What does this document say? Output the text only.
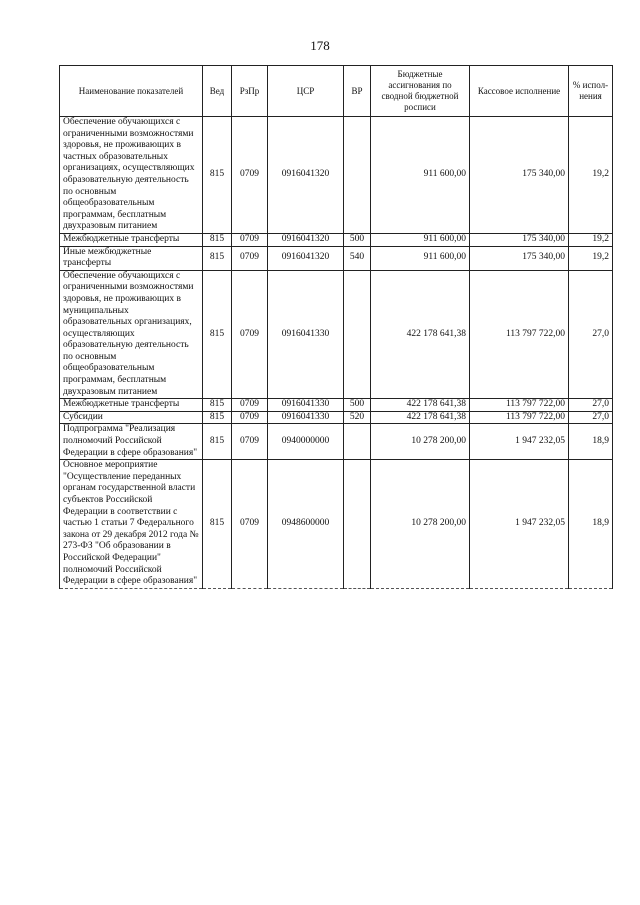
178
Наименование показателей	Вед	РзПр	ЦСР	ВР	Бюджетные ассигнования по сводной бюджетной росписи	Кассовое исполнение	% испол-нения
Обеспечение обучающихся с ограниченными возможностями здоровья, не проживающих в частных образовательных организациях, осуществляющих образовательную деятельность по основным общеобразовательным программам, бесплатным двухразовым питанием	815	0709	0916041320		911 600,00	175 340,00	19,2
Межбюджетные трансферты	815	0709	0916041320	500	911 600,00	175 340,00	19,2
Иные межбюджетные трансферты	815	0709	0916041320	540	911 600,00	175 340,00	19,2
Обеспечение обучающихся с ограниченными возможностями здоровья, не проживающих в муниципальных образовательных организациях, осуществляющих образовательную деятельность по основным общеобразовательным программам, бесплатным двухразовым питанием	815	0709	0916041330		422 178 641,38	113 797 722,00	27,0
Межбюджетные трансферты	815	0709	0916041330	500	422 178 641,38	113 797 722,00	27,0
Субсидии	815	0709	0916041330	520	422 178 641,38	113 797 722,00	27,0
Подпрограмма "Реализация полномочий Российской Федерации в сфере образования"	815	0709	0940000000		10 278 200,00	1 947 232,05	18,9
Основное мероприятие "Осуществление переданных органам государственной власти субъектов Российской Федерации в соответствии с частью 1 статьи 7 Федерального закона от 29 декабря 2012 года № 273-ФЗ "Об образовании в Российской Федерации" полномочий Российской Федерации в сфере образования"	815	0709	0948600000		10 278 200,00	1 947 232,05	18,9
